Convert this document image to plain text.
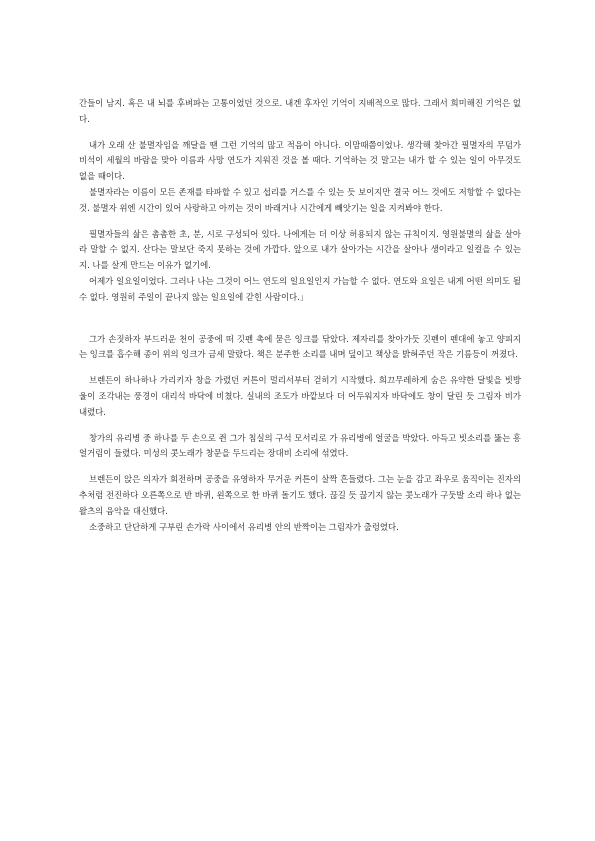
간들이 남지. 혹은 내 뇌를 후벼파는 고통이었던 것으로. 내겐 후자인 기억이 지배적으로 많다. 그래서 희미해진 기억은 없다.

내가 오래 산 불멸자임을 깨달을 땐 그런 기억의 많고 적음이 아니다. 이맘때쯤이었나. 생각해 찾아간 필멸자의 무덤가 비석이 세월의 바람을 맞아 이름과 사망 연도가 지워진 것을 볼 때다. 기억하는 것 말고는 내가 할 수 있는 일이 아무것도 없을 때이다.

불멸자라는 이름이 모든 존재를 타파할 수 있고 섭리를 거스를 수 있는 듯 보이지만 결국 어느 것에도 저항할 수 없다는 것. 불멸자 위엔 시간이 있어 사랑하고 아끼는 것이 바래거나 시간에게 빼앗기는 일을 지켜봐야 한다.

필멸자들의 삶은 촘촘한 초, 분, 시로 구성되어 있다. 나에게는 더 이상 허용되지 않는 규칙이지. 영원불멸의 삶을 살아라 말할 수 없지. 산다는 말보단 죽지 못하는 것에 가깝다. 앞으로 내가 살아가는 시간을 살아나 생이라고 일컬을 수 있는지. 나를 살게 만드는 이유가 없기에.

어제가 일요일이었다. 그러나 나는 그것이 어느 연도의 일요일인지 가늠할 수 없다. 연도와 요일은 내게 어떤 의미도 될 수 없다. 영원히 주일이 끝나지 않는 일요일에 갇힌 사람이다.」

그가 손짓하자 부드러운 천이 공중에 떠 깃펜 촉에 묻은 잉크를 닦았다. 제자리를 찾아가듯 깃펜이 펜대에 놓고 양피지는 잉크를 흡수해 종이 위의 잉크가 금세 말랐다. 책은 분주한 소리를 내며 덮이고 책상을 밝혀주던 작은 기름등이 꺼졌다.

브렌든이 하나하나 가리키자 창을 가렸던 커튼이 멀리서부터 걷히기 시작했다. 희끄무레하게 숨은 유약한 달빛을 빗방울이 조각내는 풍경이 대리석 바닥에 비쳤다. 실내의 조도가 바깥보다 더 어두워지자 바닥에도 창이 달린 듯 그림자 비가 내렸다.

창가의 유리병 중 하나를 두 손으로 쥔 그가 침실의 구석 모서리로 가 유리병에 얼굴을 박았다. 아득고 빗소리를 뚫는 흥얼거림이 들렸다. 미성의 콧노래가 창문을 두드리는 장대비 소리에 섞였다.

브렌든이 앉은 의자가 회전하며 공중을 유영하자 무거운 커튼이 살짝 흔들렸다. 그는 눈을 감고 좌우로 움직이는 진자의 추처럼 전진하다 오른쪽으로 반 바퀴, 왼쪽으로 한 바퀴 돌기도 했다. 끊길 듯 끊기지 않는 콧노래가 구둣발 소리 하나 없는 왈츠의 음악을 대신했다.

소중하고 단단하게 구부린 손가락 사이에서 유리병 안의 반짝이는 그림자가 출렁였다.
